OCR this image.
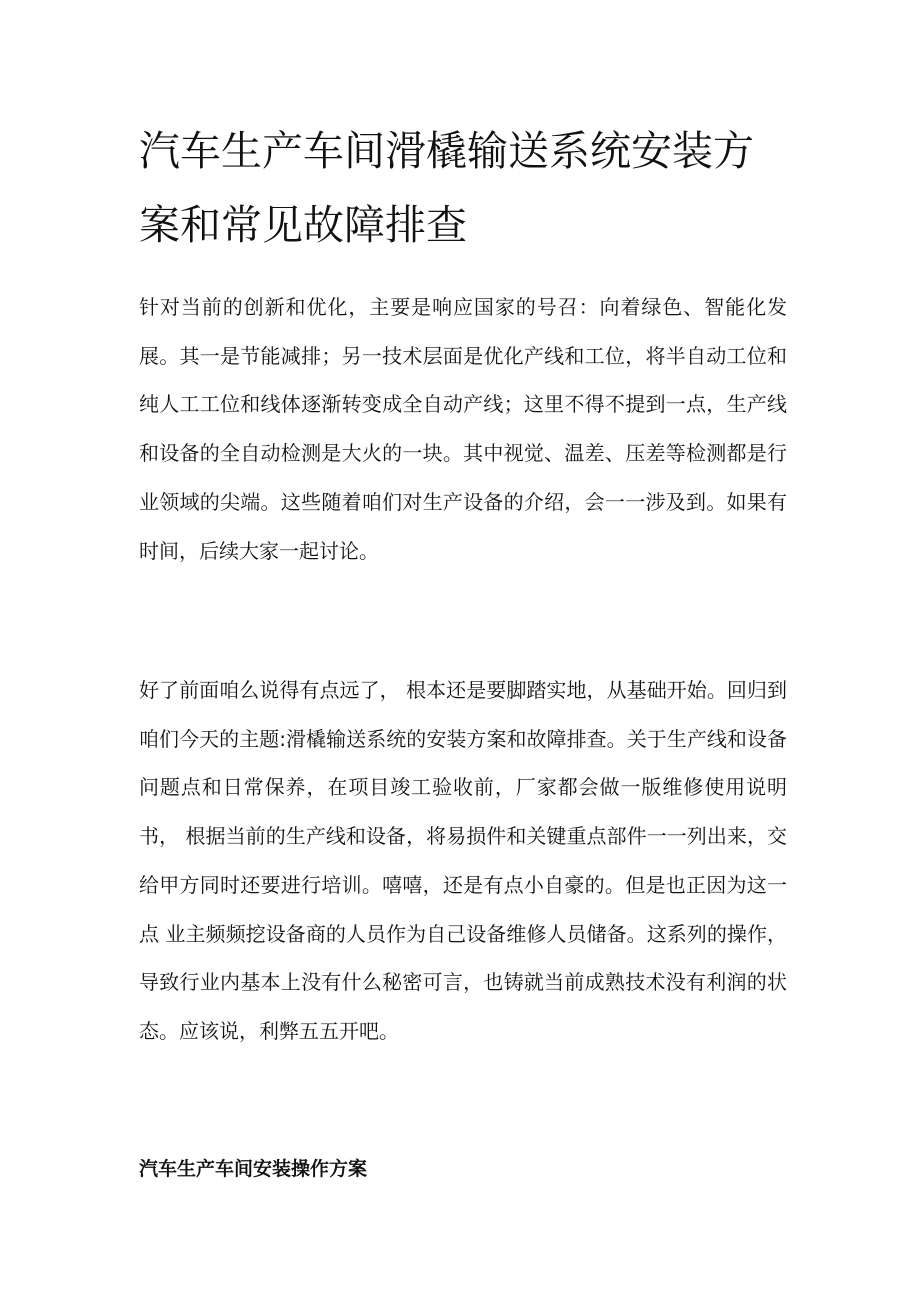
汽车生产车间滑橇输送系统安装方案和常见故障排查

针对当前的创新和优化，主要是响应国家的号召：向着绿色、智能化发展。其一是节能减排；另一技术层面是优化产线和工位，将半自动工位和纯人工工位和线体逐渐转变成全自动产线；这里不得不提到一点，生产线和设备的全自动检测是大火的一块。其中视觉、温差、压差等检测都是行业领域的尖端。这些随着咱们对生产设备的介绍，会一一涉及到。如果有时间，后续大家一起讨论。

好了前面咱么说得有点远了， 根本还是要脚踏实地，从基础开始。回归到咱们今天的主题:滑橇输送系统的安装方案和故障排查。关于生产线和设备问题点和日常保养，在项目竣工验收前，厂家都会做一版维修使用说明书， 根据当前的生产线和设备，将易损件和关键重点部件一一列出来，交给甲方同时还要进行培训。嘻嘻，还是有点小自豪的。但是也正因为这一点 业主频频挖设备商的人员作为自己设备维修人员储备。这系列的操作，导致行业内基本上没有什么秘密可言，也铸就当前成熟技术没有利润的状态。应该说，利弊五五开吧。

汽车生产车间安装操作方案
